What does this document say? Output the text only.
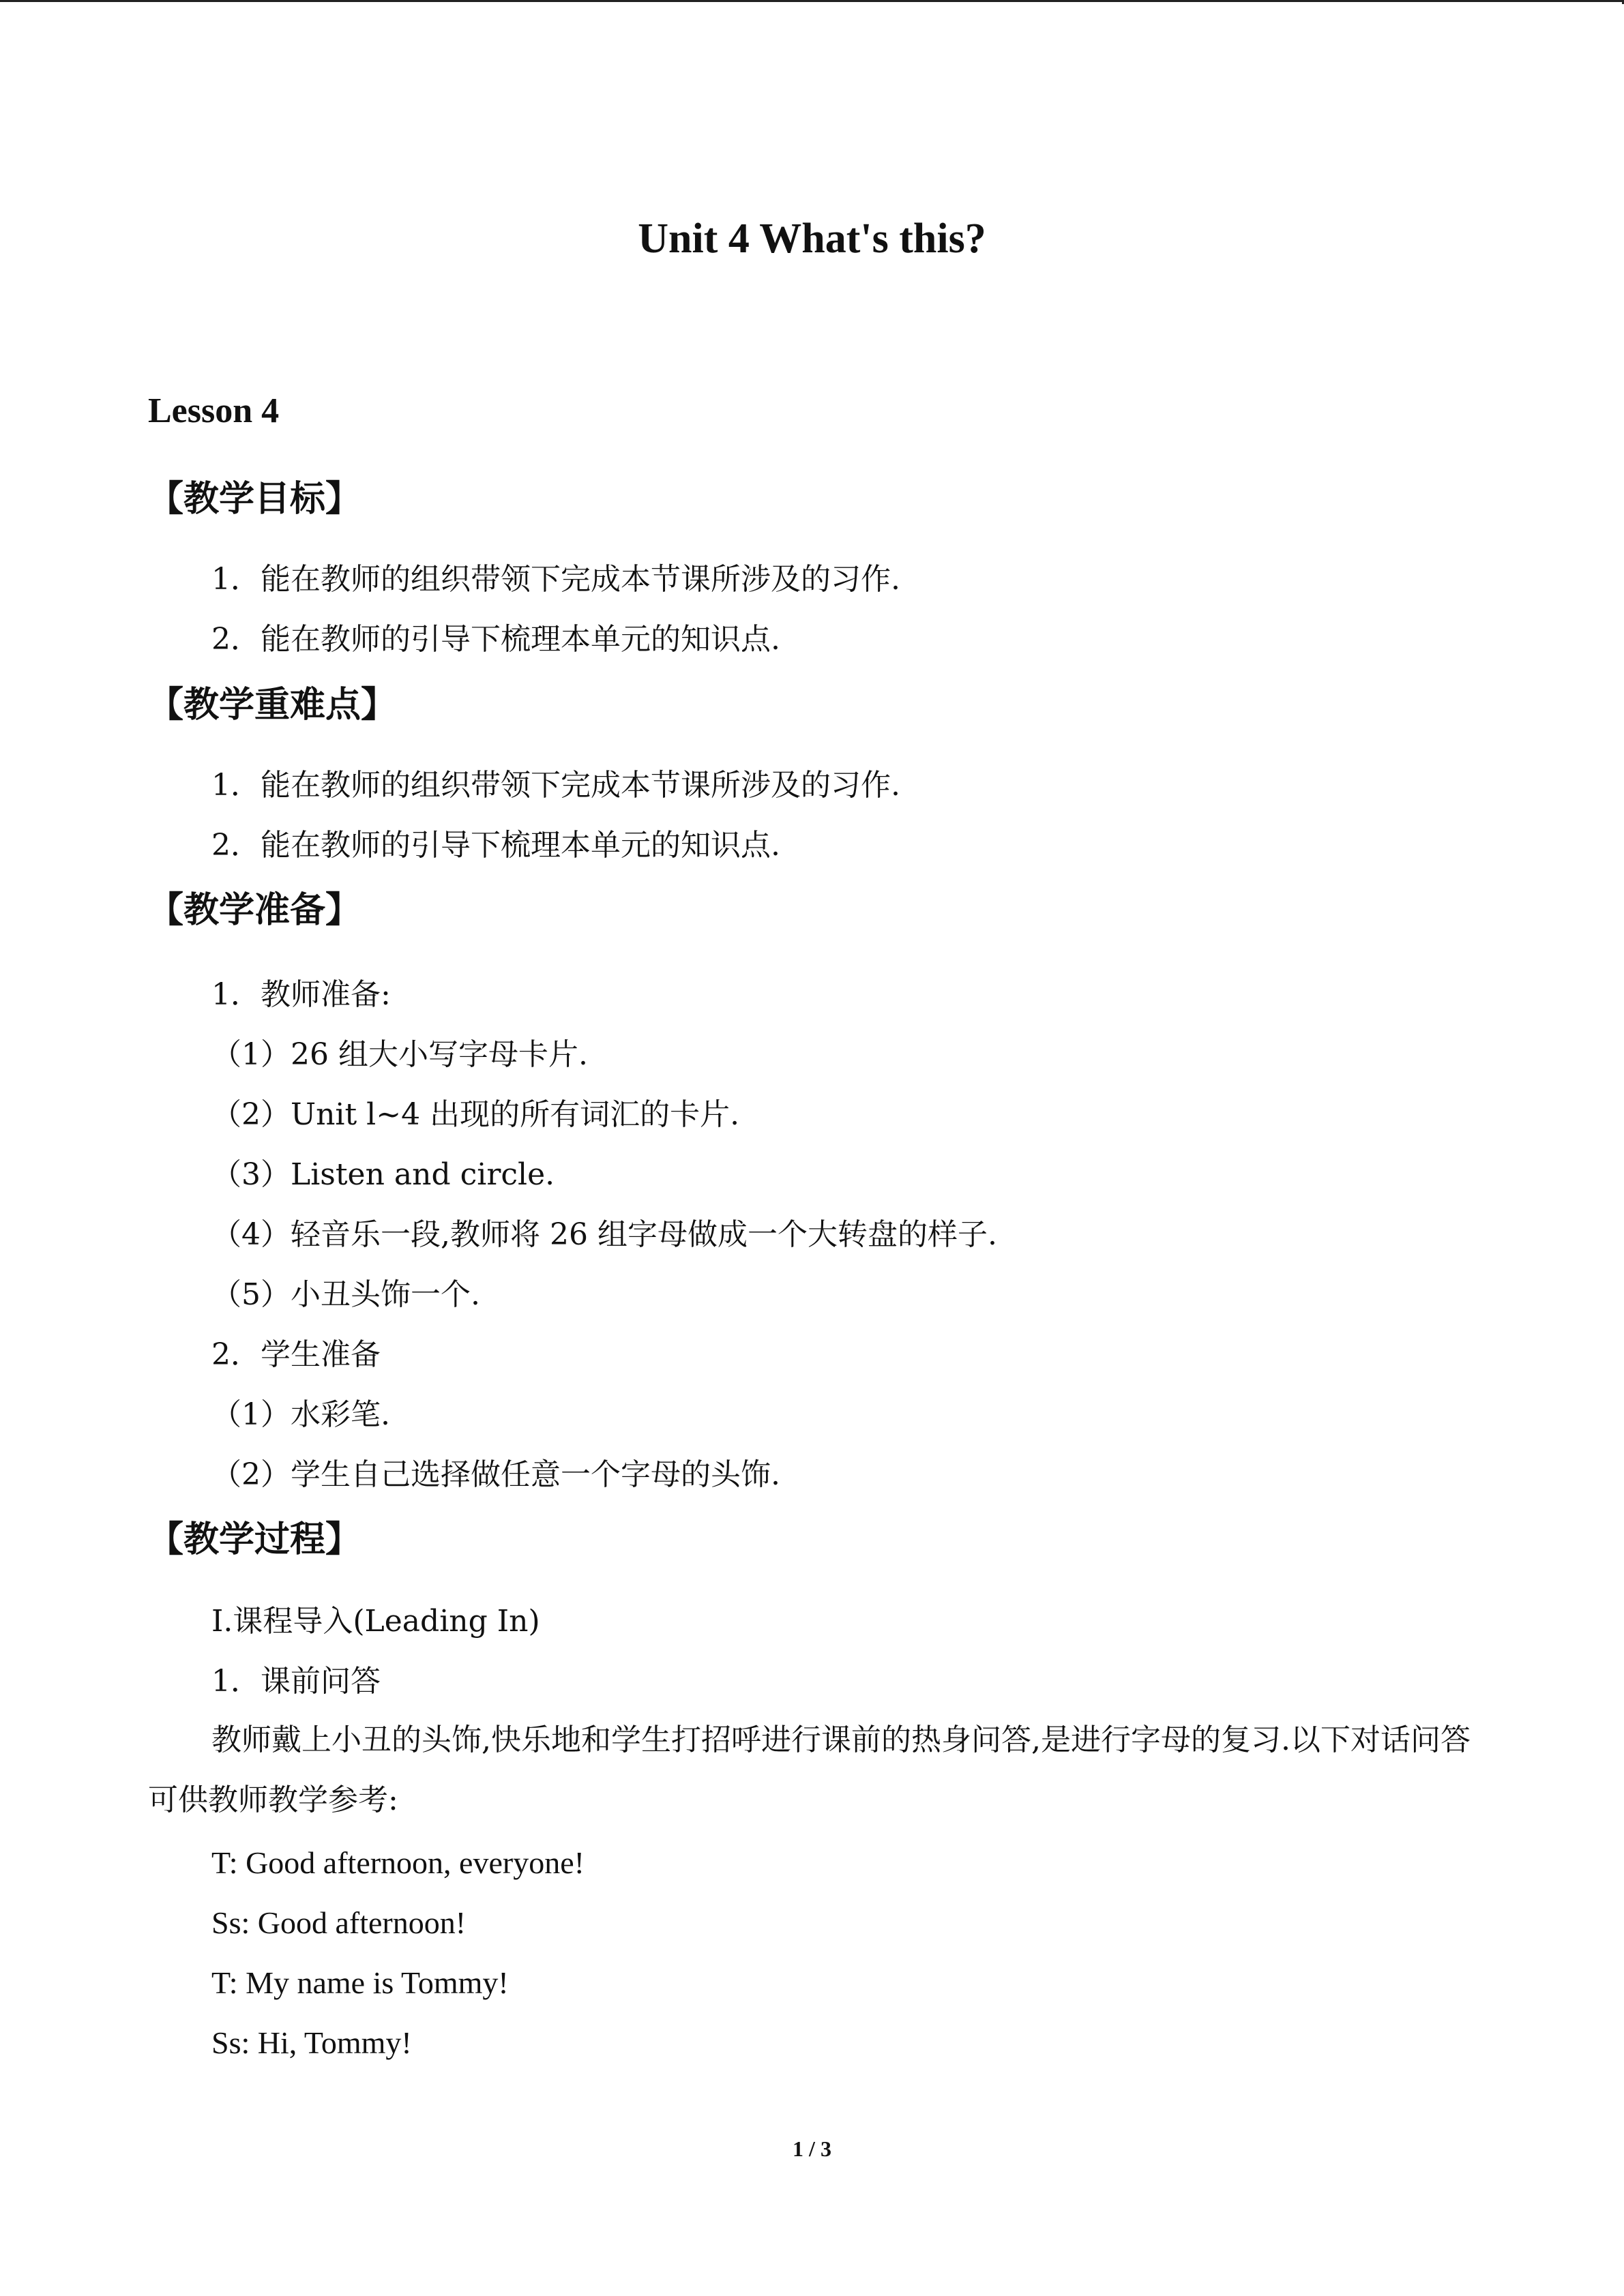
Unit 4 What's this?
Lesson 4
【教学目标】

1．能在教师的组织带领下完成本节课所涉及的习作.

2．能在教师的引导下梳理本单元的知识点.

【教学重难点】

1．能在教师的组织带领下完成本节课所涉及的习作.

2．能在教师的引导下梳理本单元的知识点.

【教学准备】

1．教师准备:

（1）26 组大小写字母卡片.

（2）Unit l~4 出现的所有词汇的卡片.

（3）Listen and circle.

（4）轻音乐一段,教师将 26 组字母做成一个大转盘的样子.

（5）小丑头饰一个.

2．学生准备

（1）水彩笔.

（2）学生自己选择做任意一个字母的头饰.

【教学过程】

Ⅰ.课程导入(Leading In)

1．课前问答

教师戴上小丑的头饰,快乐地和学生打招呼进行课前的热身问答,是进行字母的复习.以下对话问答可供教师教学参考:

T: Good afternoon, everyone!

Ss: Good afternoon!

T: My name is Tommy!

Ss: Hi, Tommy!

1 / 3
